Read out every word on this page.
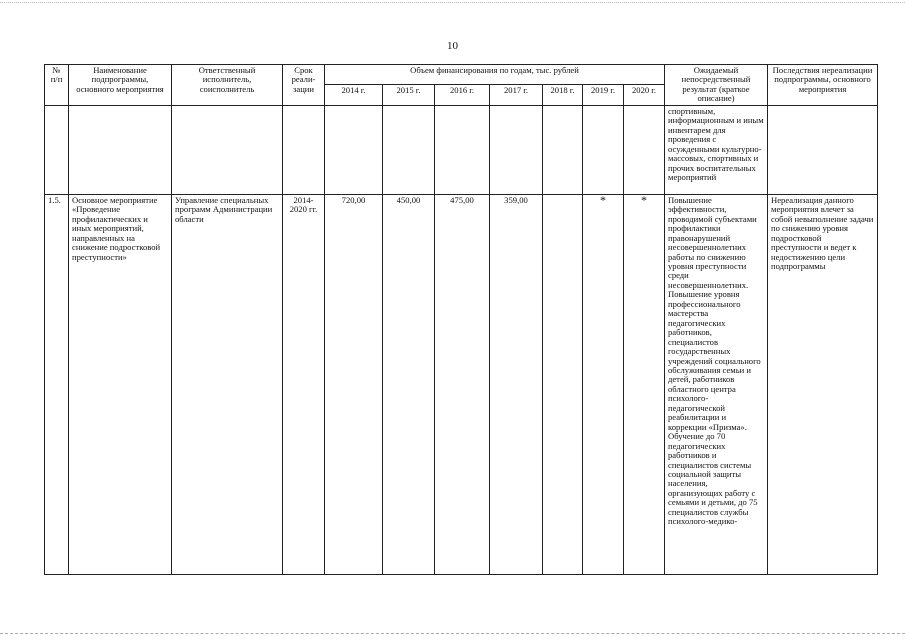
10
№ п/п	Наименование подпрограммы, основного мероприятия	Ответственный исполнитель, соисполнитель	Срок реали-зации	Объем финансирования по годам, тыс. рублей							Ожидаемый непосредственный результат (краткое описание)	Последствия нереализации подпрограммы, основного мероприятия
				2014 г.	2015 г.	2016 г.	2017 г.	2018 г.	2019 г.	2020 г.		
											спортивным, информационным и иным инвентарем для проведения с осужденными культурно-массовых, спортивных и прочих воспитательных мероприятий	
1.5.	Основное мероприятие
«Проведение профилактических и иных мероприятий, направленных на снижение подростковой преступности»	Управление специальных программ Администрации области	2014-2020 гг.	720,00	450,00	475,00	359,00		*	*	Повышение эффективности, проводимой субъектами профилактики правонарушений несовершеннолетних работы по снижению уровня преступности среди несовершеннолетних. Повышение уровня профессионального мастерства педагогических работников, специалистов государственных учреждений социального обслуживания семьи и детей, работников областного центра психолого-педагогической реабилитации и коррекции «Призма». Обучение до 70 педагогических работников и специалистов системы социальной защиты населения, организующих работу с семьями и детьми, до 75 специалистов службы психолого-медико-	Нереализация данного мероприятия влечет за собой невыполнение задачи по снижению уровня подростковой преступности и ведет к недостижению цели подпрограммы
